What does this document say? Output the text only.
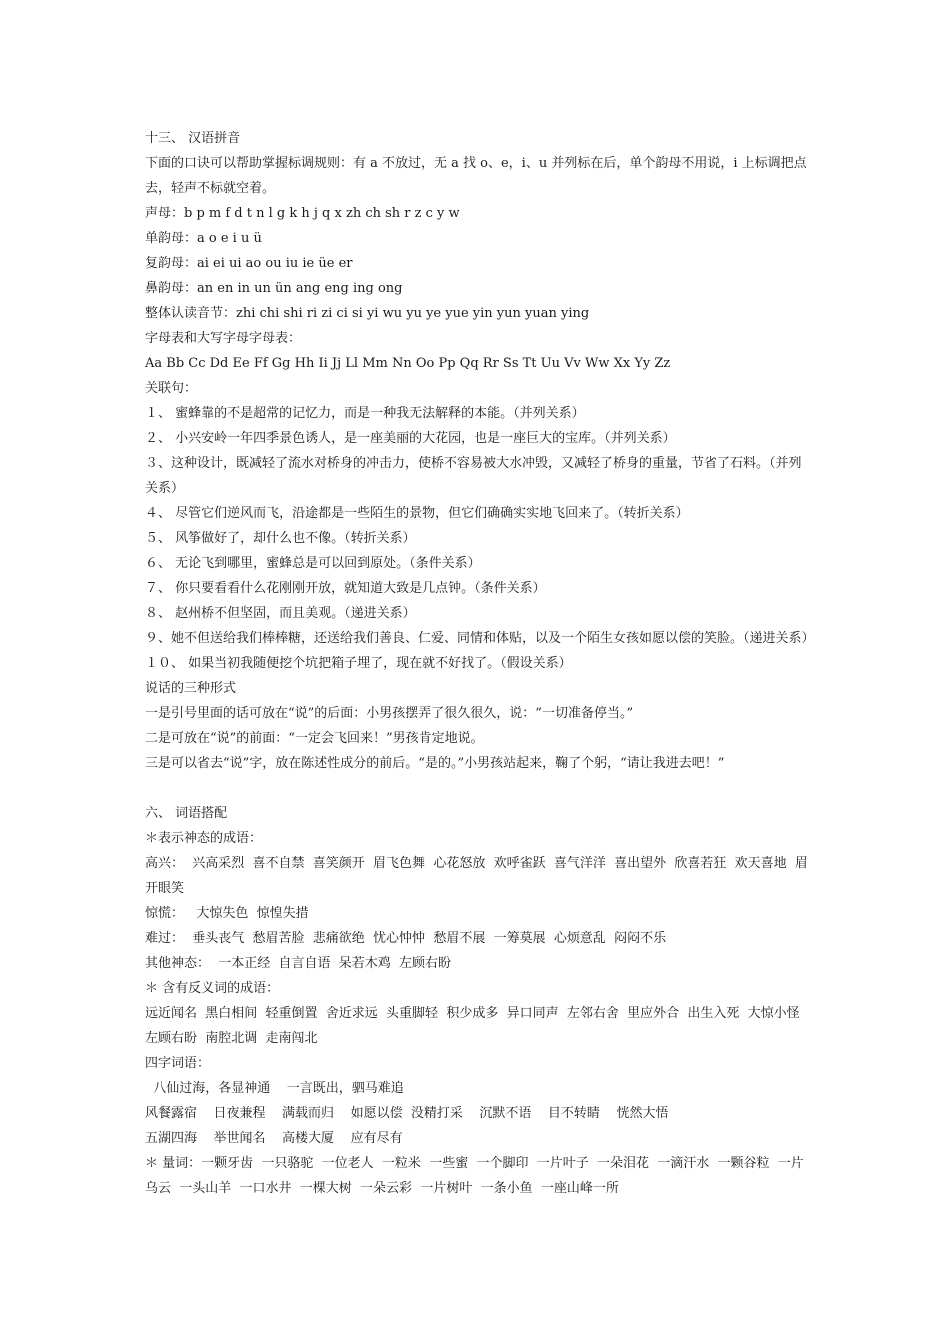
十三、 汉语拼音
下面的口诀可以帮助掌握标调规则：有 a 不放过，无 a 找 o、e，i、u 并列标在后，单个韵母不用说，i 上标调把点去，轻声不标就空着。
声母：b p m f d t n l g k h j q x zh ch sh r z c y w
单韵母：a o e i u ü
复韵母：ai ei ui ao ou iu ie üe er
鼻韵母：an en in un ün ang eng ing ong
整体认读音节：zhi chi shi ri zi ci si yi wu yu ye yue yin yun yuan ying
字母表和大写字母字母表：
Aa Bb Cc Dd Ee Ff Gg Hh Ii Jj Ll Mm Nn Oo Pp Qq Rr Ss Tt Uu Vv Ww Xx Yy Zz
关联句：
１、 蜜蜂靠的不是超常的记忆力，而是一种我无法解释的本能。（并列关系）
２、 小兴安岭一年四季景色诱人，是一座美丽的大花园，也是一座巨大的宝库。（并列关系）
３、这种设计，既减轻了流水对桥身的冲击力，使桥不容易被大水冲毁，又减轻了桥身的重量，节省了石料。（并列关系）
４、 尽管它们逆风而飞，沿途都是一些陌生的景物，但它们确确实实地飞回来了。（转折关系）
５、 风筝做好了，却什么也不像。（转折关系）
６、 无论飞到哪里，蜜蜂总是可以回到原处。（条件关系）
７、 你只要看看什么花刚刚开放，就知道大致是几点钟。（条件关系）
８、 赵州桥不但坚固，而且美观。（递进关系）
９、她不但送给我们棒棒糖，还送给我们善良、仁爱、同情和体贴，以及一个陌生女孩如愿以偿的笑脸。（递进关系）
１０、 如果当初我随便挖个坑把箱子埋了，现在就不好找了。（假设关系）
说话的三种形式
一是引号里面的话可放在“说”的后面：小男孩摆弄了很久很久，说：“一切准备停当。”
二是可放在“说”的前面：“一定会飞回来！”男孩肯定地说。
三是可以省去“说”字，放在陈述性成分的前后。“是的。”小男孩站起来，鞠了个躬，“请让我进去吧！”
六、 词语搭配
＊表示神态的成语：
高兴：  兴高采烈  喜不自禁  喜笑颜开  眉飞色舞  心花怒放  欢呼雀跃  喜气洋洋  喜出望外  欣喜若狂  欢天喜地  眉开眼笑
惊慌：   大惊失色  惊惶失措
难过：  垂头丧气  愁眉苦脸  悲痛欲绝  忧心忡忡  愁眉不展  一筹莫展  心烦意乱  闷闷不乐
其他神态：  一本正经  自言自语  呆若木鸡  左顾右盼
＊ 含有反义词的成语：
远近闻名  黑白相间  轻重倒置  舍近求远  头重脚轻  积少成多  异口同声  左邻右舍  里应外合  出生入死  大惊小怪  左顾右盼  南腔北调  走南闯北
四字词语：
八仙过海，各显神通    一言既出，驷马难追
风餐露宿    日夜兼程    满载而归    如愿以偿  没精打采    沉默不语    目不转睛    恍然大悟
五湖四海    举世闻名    高楼大厦    应有尽有
＊ 量词：一颗牙齿  一只骆驼  一位老人  一粒米  一些蜜  一个脚印  一片叶子  一朵泪花  一滴汗水  一颗谷粒  一片乌云  一头山羊  一口水井  一棵大树  一朵云彩  一片树叶  一条小鱼  一座山峰一所
